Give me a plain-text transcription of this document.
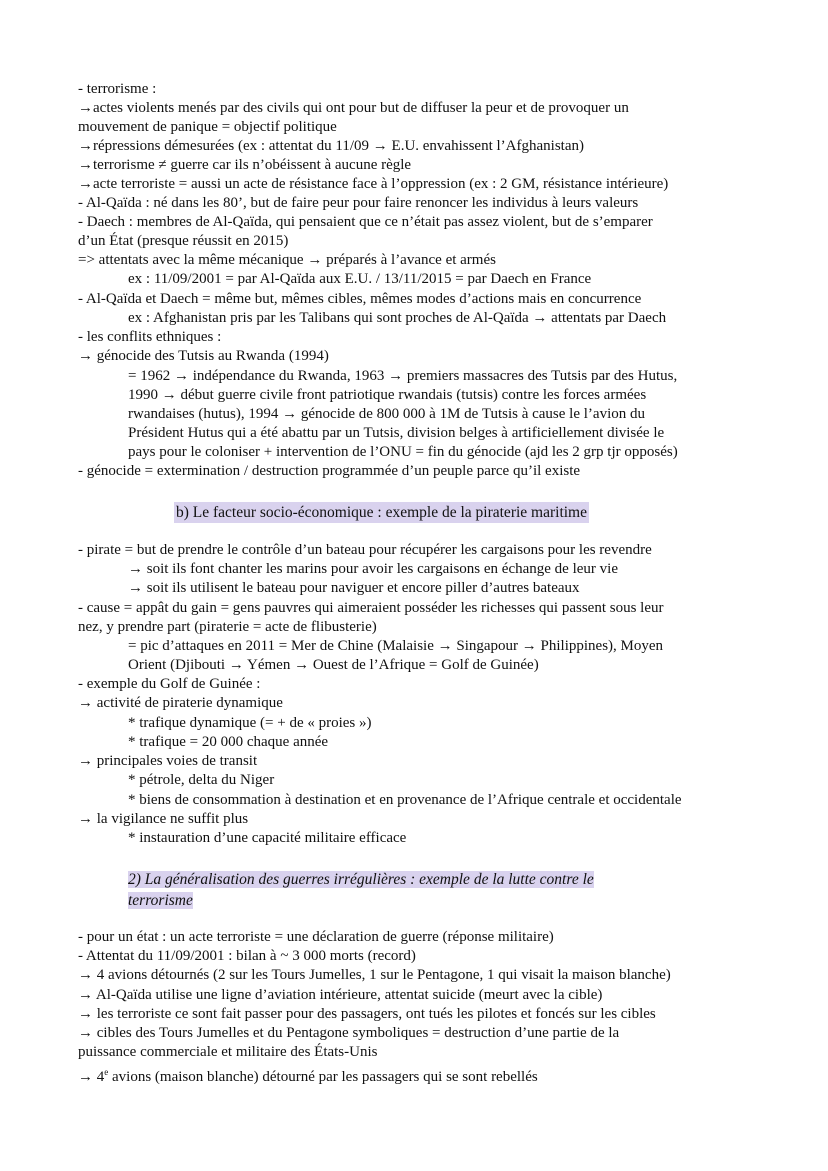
- terrorisme :
→actes violents menés par des civils qui ont pour but de diffuser la peur et de provoquer un
mouvement de panique = objectif politique
→répressions démesurées (ex : attentat du 11/09 → E.U. envahissent l’Afghanistan)
→terrorisme ≠ guerre car ils n’obéissent à aucune règle
→acte terroriste = aussi un acte de résistance face à l’oppression (ex : 2 GM, résistance intérieure)
- Al-Qaïda : né dans les 80’, but de faire peur pour faire renoncer les individus à leurs valeurs
- Daech : membres de Al-Qaïda, qui pensaient que ce n’était pas assez violent, but de s’emparer
d’un État (presque réussit en 2015)
=> attentats avec la même mécanique → préparés à l’avance et armés
ex : 11/09/2001 = par Al-Qaïda aux E.U. / 13/11/2015 = par Daech en France
- Al-Qaïda et Daech = même but, mêmes cibles, mêmes modes d’actions mais en concurrence
ex : Afghanistan pris par les Talibans qui sont proches de Al-Qaïda → attentats par Daech
- les conflits ethniques :
→ génocide des Tutsis au Rwanda (1994)
= 1962 → indépendance du Rwanda, 1963 → premiers massacres des Tutsis par des Hutus,
1990 → début guerre civile front patriotique rwandais (tutsis) contre les forces armées
rwandaises (hutus), 1994 → génocide de 800 000 à 1M de Tutsis à cause le l’avion du
Président Hutus qui a été abattu par un Tutsis, division belges à artificiellement divisée le
pays pour le coloniser + intervention de l’ONU = fin du génocide (ajd les 2 grp tjr opposés)
- génocide = extermination / destruction programmée d’un peuple parce qu’il existe
b) Le facteur socio-économique : exemple de la piraterie maritime
- pirate = but de prendre le contrôle d’un bateau pour récupérer les cargaisons pour les revendre
→ soit ils font chanter les marins pour avoir les cargaisons en échange de leur vie
→ soit ils utilisent le bateau pour naviguer et encore piller d’autres bateaux
- cause = appât du gain = gens pauvres qui aimeraient posséder les richesses qui passent sous leur
nez, y prendre part (piraterie = acte de flibusterie)
= pic d’attaques en 2011 = Mer de Chine (Malaisie → Singapour → Philippines), Moyen
Orient (Djibouti → Yémen → Ouest de l’Afrique = Golf de Guinée)
- exemple du Golf de Guinée :
→ activité de piraterie dynamique
* trafique dynamique (= + de « proies »)
* trafique = 20 000 chaque année
→ principales voies de transit
* pétrole, delta du Niger
* biens de consommation à destination et en provenance de l’Afrique centrale et occidentale
→ la vigilance ne suffit plus
* instauration d’une capacité militaire efficace
2) La généralisation des guerres irrégulières : exemple de la lutte contre le
terrorisme
- pour un état : un acte terroriste = une déclaration de guerre (réponse militaire)
- Attentat du 11/09/2001 : bilan à ~ 3 000 morts (record)
→ 4 avions détournés (2 sur les Tours Jumelles, 1 sur le Pentagone, 1 qui visait la maison blanche)
→ Al-Qaïda utilise une ligne d’aviation intérieure, attentat suicide (meurt avec la cible)
→ les terroriste ce sont fait passer pour des passagers, ont tués les pilotes et foncés sur les cibles
→ cibles des Tours Jumelles et du Pentagone symboliques = destruction d’une partie de la
puissance commerciale et militaire des États-Unis
→ $4^e$ avions (maison blanche) détourné par les passagers qui se sont rebellés
